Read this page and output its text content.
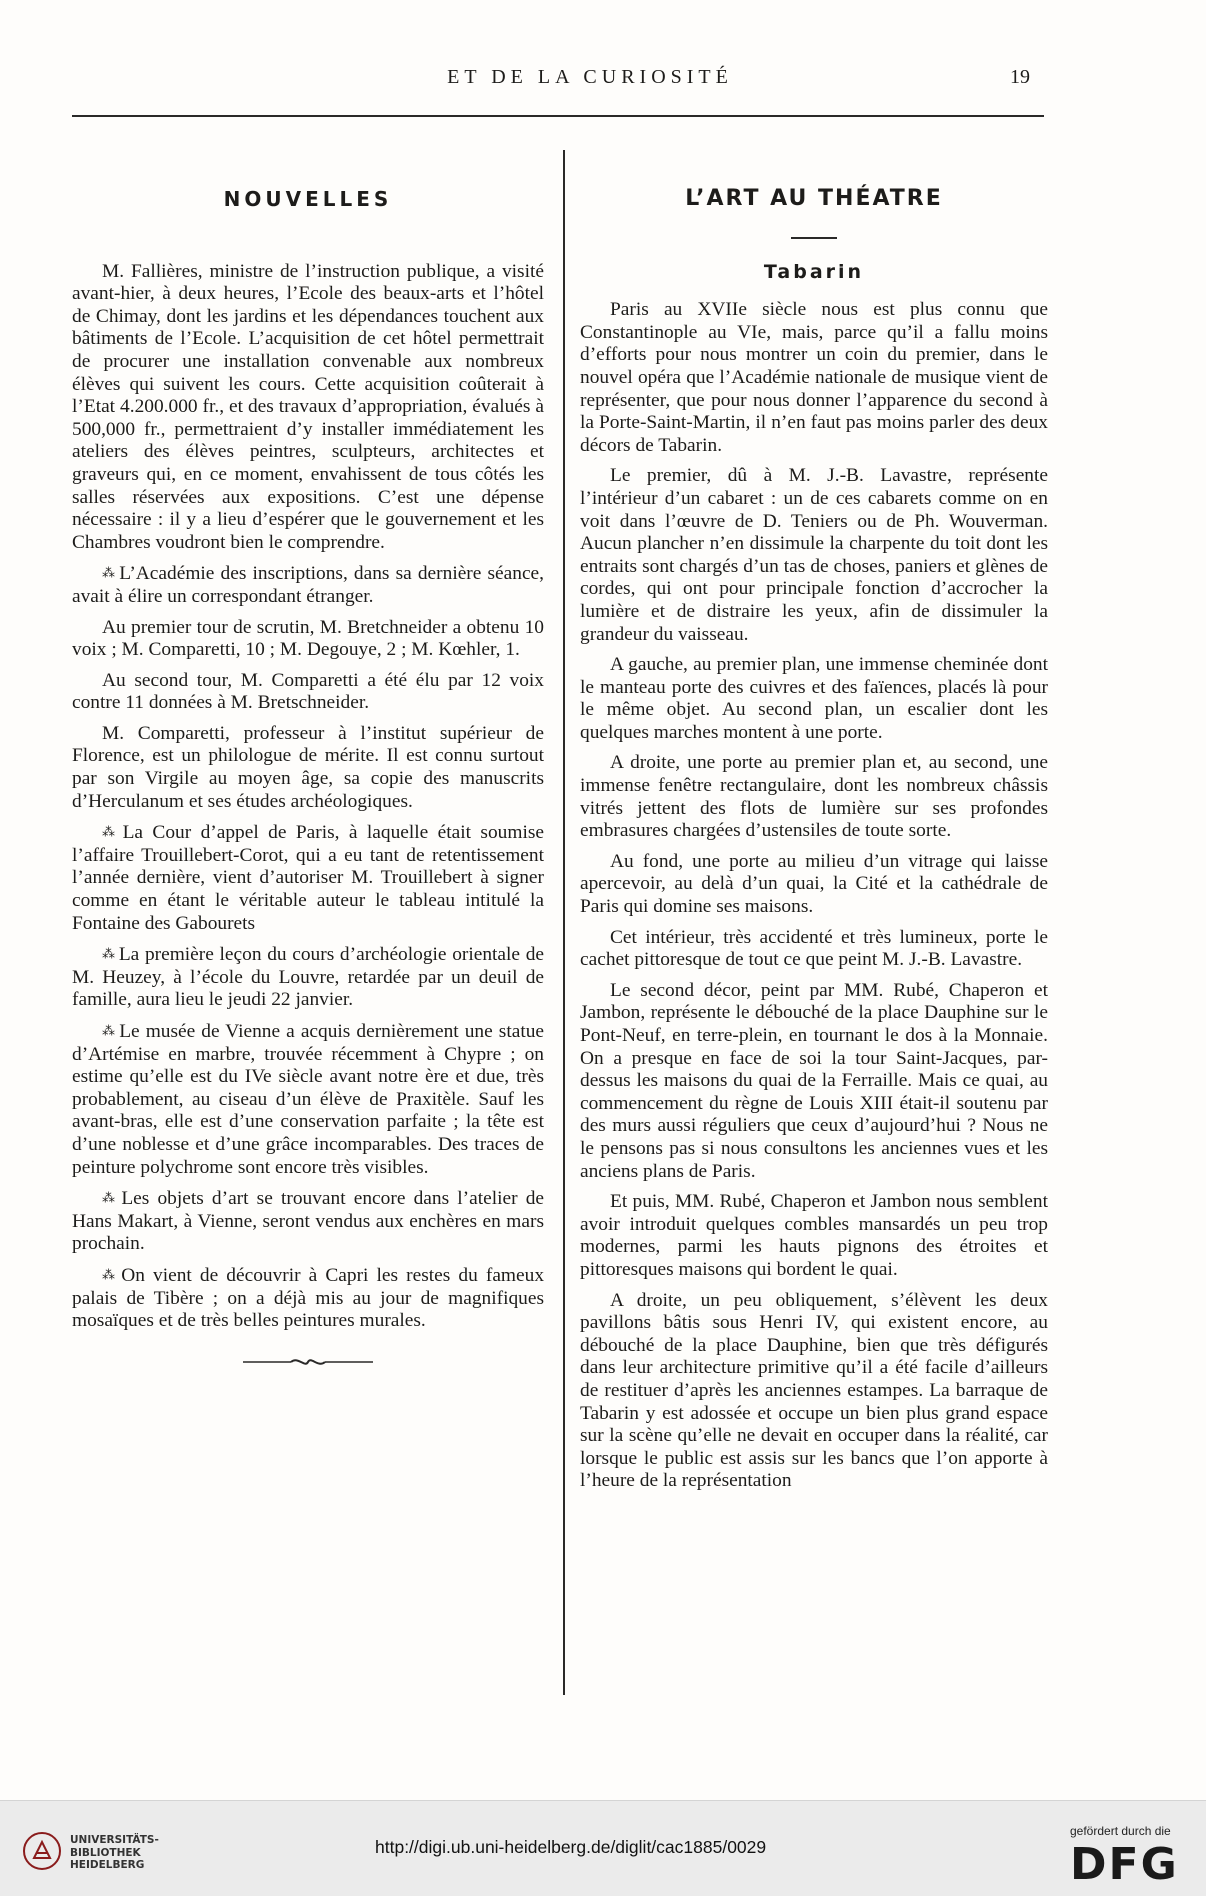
ET DE LA CURIOSITÉ	19
NOUVELLES

M. Fallières, ministre de l’instruction publique, a visité avant-hier, à deux heures, l’Ecole des beaux-arts et l’hôtel de Chimay, dont les jardins et les dépendances touchent aux bâtiments de l’Ecole. L’acquisition de cet hôtel permettrait de procurer une installation convenable aux nombreux élèves qui suivent les cours. Cette acquisition coûterait à l’Etat 4.200.000 fr., et des travaux d’appropriation, évalués à 500,000 fr., permettraient d’y installer immédiatement les ateliers des élèves peintres, sculpteurs, architectes et graveurs qui, en ce moment, envahissent de tous côtés les salles réservées aux expositions. C’est une dépense nécessaire : il y a lieu d’espérer que le gouvernement et les Chambres voudront bien le comprendre.

⁂ L’Académie des inscriptions, dans sa dernière séance, avait à élire un correspondant étranger.

Au premier tour de scrutin, M. Bretchneider a obtenu 10 voix ; M. Comparetti, 10 ; M. Degouye, 2 ; M. Kœhler, 1.

Au second tour, M. Comparetti a été élu par 12 voix contre 11 données à M. Bretschneider.

M. Comparetti, professeur à l’institut supérieur de Florence, est un philologue de mérite. Il est connu surtout par son Virgile au moyen âge, sa copie des manuscrits d’Herculanum et ses études archéologiques.

⁂ La Cour d’appel de Paris, à laquelle était soumise l’affaire Trouillebert-Corot, qui a eu tant de retentissement l’année dernière, vient d’autoriser M. Trouillebert à signer comme en étant le véritable auteur le tableau intitulé la Fontaine des Gabourets

⁂ La première leçon du cours d’archéologie orientale de M. Heuzey, à l’école du Louvre, retardée par un deuil de famille, aura lieu le jeudi 22 janvier.

⁂ Le musée de Vienne a acquis dernièrement une statue d’Artémise en marbre, trouvée récemment à Chypre ; on estime qu’elle est du IVe siècle avant notre ère et due, très probablement, au ciseau d’un élève de Praxitèle. Sauf les avant-bras, elle est d’une conservation parfaite ; la tête est d’une noblesse et d’une grâce incomparables. Des traces de peinture polychrome sont encore très visibles.

⁂ Les objets d’art se trouvant encore dans l’atelier de Hans Makart, à Vienne, seront vendus aux enchères en mars prochain.

⁂ On vient de découvrir à Capri les restes du fameux palais de Tibère ; on a déjà mis au jour de magnifiques mosaïques et de très belles peintures murales.

L’ART AU THÉATRE
Tabarin

Paris au XVIIe siècle nous est plus connu que Constantinople au VIe, mais, parce qu’il a fallu moins d’efforts pour nous montrer un coin du premier, dans le nouvel opéra que l’Académie nationale de musique vient de représenter, que pour nous donner l’apparence du second à la Porte-Saint-Martin, il n’en faut pas moins parler des deux décors de Tabarin.

Le premier, dû à M. J.-B. Lavastre, représente l’intérieur d’un cabaret : un de ces cabarets comme on en voit dans l’œuvre de D. Teniers ou de Ph. Wouverman. Aucun plancher n’en dissimule la charpente du toit dont les entraits sont chargés d’un tas de choses, paniers et glènes de cordes, qui ont pour principale fonction d’accrocher la lumière et de distraire les yeux, afin de dissimuler la grandeur du vaisseau.

A gauche, au premier plan, une immense cheminée dont le manteau porte des cuivres et des faïences, placés là pour le même objet. Au second plan, un escalier dont les quelques marches montent à une porte.

A droite, une porte au premier plan et, au second, une immense fenêtre rectangulaire, dont les nombreux châssis vitrés jettent des flots de lumière sur ses profondes embrasures chargées d’ustensiles de toute sorte.

Au fond, une porte au milieu d’un vitrage qui laisse apercevoir, au delà d’un quai, la Cité et la cathédrale de Paris qui domine ses maisons.

Cet intérieur, très accidenté et très lumineux, porte le cachet pittoresque de tout ce que peint M. J.-B. Lavastre.

Le second décor, peint par MM. Rubé, Chaperon et Jambon, représente le débouché de la place Dauphine sur le Pont-Neuf, en terre-plein, en tournant le dos à la Monnaie. On a presque en face de soi la tour Saint-Jacques, par-dessus les maisons du quai de la Ferraille. Mais ce quai, au commencement du règne de Louis XIII était-il soutenu par des murs aussi réguliers que ceux d’aujourd’hui ? Nous ne le pensons pas si nous consultons les anciennes vues et les anciens plans de Paris.

Et puis, MM. Rubé, Chaperon et Jambon nous semblent avoir introduit quelques combles mansardés un peu trop modernes, parmi les hauts pignons des étroites et pittoresques maisons qui bordent le quai.

A droite, un peu obliquement, s’élèvent les deux pavillons bâtis sous Henri IV, qui existent encore, au débouché de la place Dauphine, bien que très défigurés dans leur architecture primitive qu’il a été facile d’ailleurs de restituer d’après les anciennes estampes. La barraque de Tabarin y est adossée et occupe un bien plus grand espace sur la scène qu’elle ne devait en occuper dans la réalité, car lorsque le public est assis sur les bancs que l’on apporte à l’heure de la représentation

UNIVERSITÄTS-
BIBLIOTHEK
HEIDELBERG
http://digi.ub.uni-heidelberg.de/diglit/cac1885/0029
gefördert durch die
DFG
